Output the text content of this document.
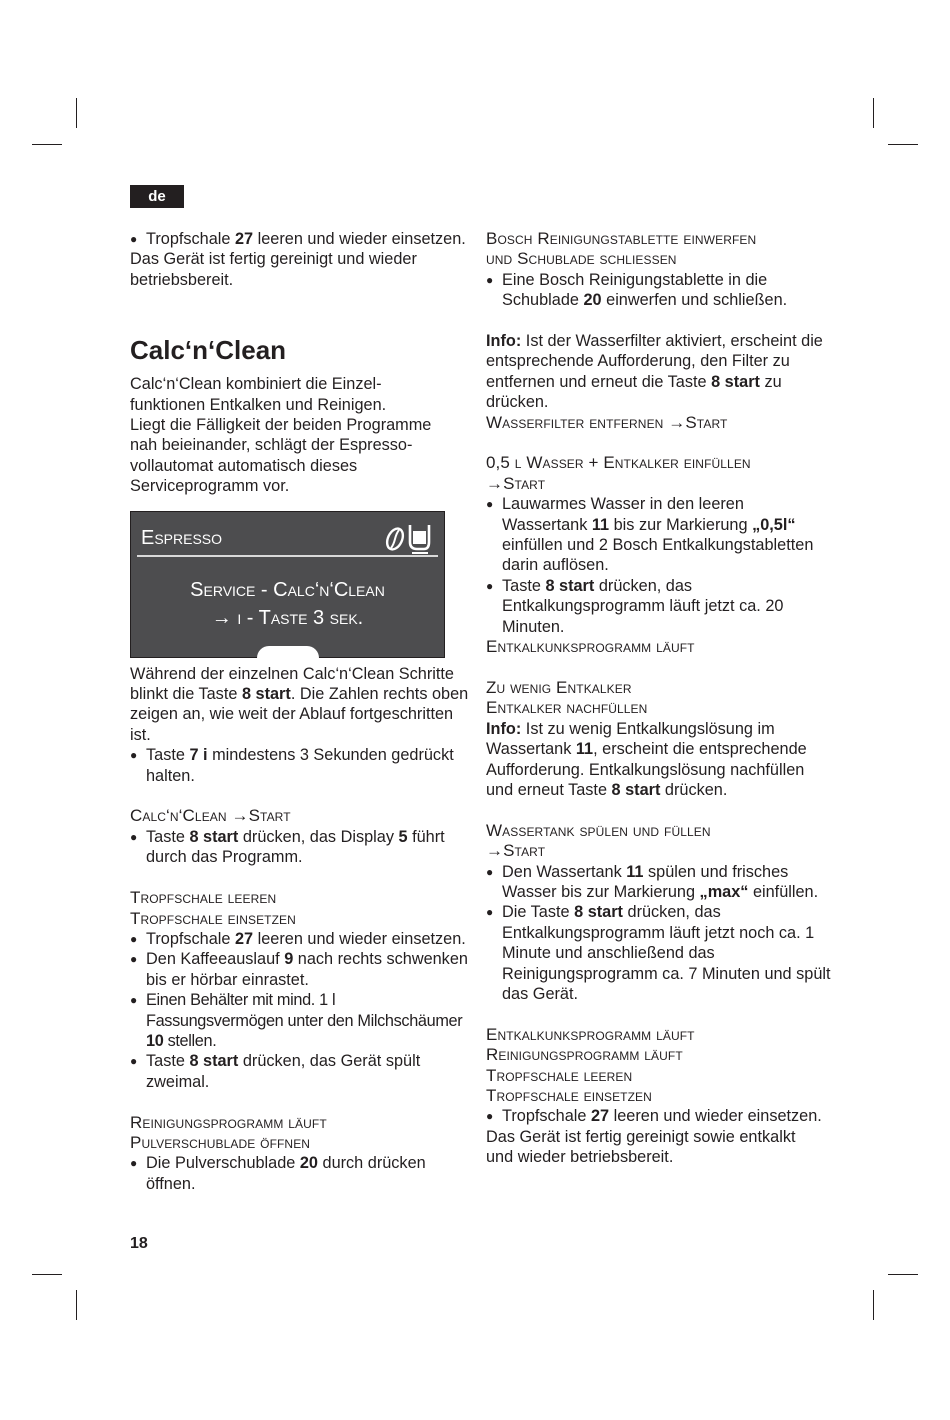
de
● Tropfschale 27 leeren und wieder einsetzen.
Das Gerät ist fertig gereinigt und wieder
betriebsbereit.
Calc‘n‘Clean
Calc‘n‘Clean kombiniert die Einzel-
funktionen Entkalken und Reinigen.
Liegt die Fälligkeit der beiden Programme
nah beieinander, schlägt der Espresso-
vollautomat automatisch dieses
Serviceprogramm vor.
Espresso
Service - Calc‘n‘Clean
→ i - Taste 3 sek.
Während der einzelnen Calc‘n‘Clean Schritte blinkt die Taste 8 start. Die Zahlen rechts oben zeigen an, wie weit der Ablauf fortgeschritten ist.
● Taste 7 i mindestens 3 Sekunden gedrückt halten.
Calc‘n‘Clean →Start
● Taste 8 start drücken, das Display 5 führt durch das Programm.
Tropfschale leeren
Tropfschale einsetzen
● Tropfschale 27 leeren und wieder einsetzen.
● Den Kaffeeauslauf 9 nach rechts schwenken bis er hörbar einrastet.
● Einen Behälter mit mind. 1 l Fassungsvermögen unter den Milchschäumer 10 stellen.
● Taste 8 start drücken, das Gerät spült zweimal.
Reinigungsprogramm läuft
Pulverschublade öffnen
● Die Pulverschublade 20 durch drücken öffnen.
Bosch Reinigungstablette einwerfen
und Schublade schliessen
● Eine Bosch Reinigungstablette in die Schublade 20 einwerfen und schließen.
Info: Ist der Wasserfilter aktiviert, erscheint die entsprechende Aufforderung, den Filter zu entfernen und erneut die Taste 8 start zu drücken.
Wasserfilter entfernen →Start
0,5 l Wasser + Entkalker einfüllen
→Start
● Lauwarmes Wasser in den leeren Wassertank 11 bis zur Markierung „0,5l“ einfüllen und 2 Bosch Entkalkungstabletten darin auflösen.
● Taste 8 start drücken, das Entkalkungsprogramm läuft jetzt ca. 20 Minuten.
Entkalkunksprogramm läuft
Zu wenig Entkalker
Entkalker nachfüllen
Info: Ist zu wenig Entkalkungslösung im Wassertank 11, erscheint die entsprechende Aufforderung. Entkalkungslösung nachfüllen und erneut Taste 8 start drücken.
Wassertank spülen und füllen
→Start
● Den Wassertank 11 spülen und frisches Wasser bis zur Markierung „max“ einfüllen.
● Die Taste 8 start drücken, das Entkalkungsprogramm läuft jetzt noch ca. 1 Minute und anschließend das Reinigungsprogramm ca. 7 Minuten und spült das Gerät.
Entkalkunksprogramm läuft
Reinigungsprogramm läuft
Tropfschale leeren
Tropfschale einsetzen
● Tropfschale 27 leeren und wieder einsetzen.
Das Gerät ist fertig gereinigt sowie entkalkt
und wieder betriebsbereit.
18
